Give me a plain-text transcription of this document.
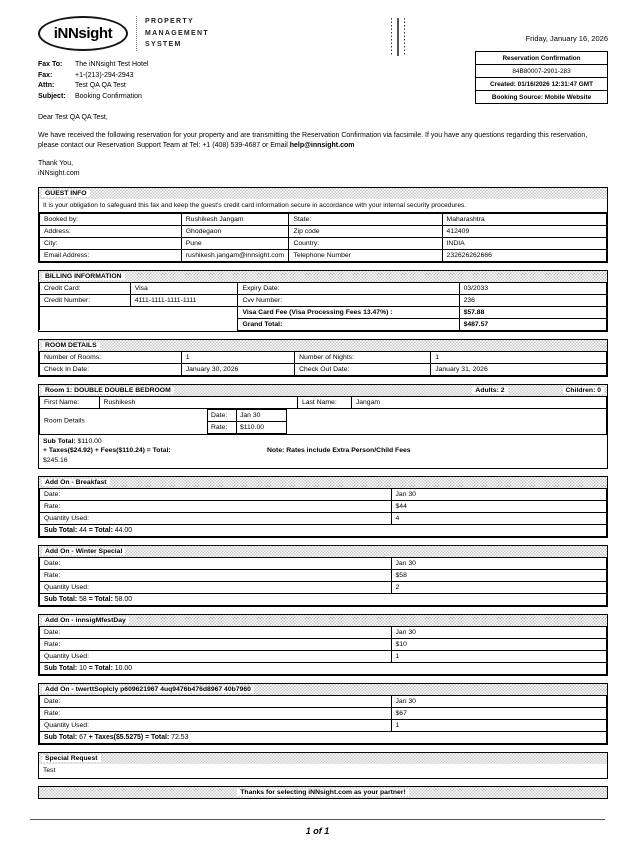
iNNsight
PROPERTY
MANAGEMENT
SYSTEM
Fax To:	The iNNsight Test Hotel
Fax:	+1-(213)-294-2943
Attn:	Test QA QA Test
Subject:	Booking Confirmation
Friday, January 16, 2026
Reservation Confirmation
84B80007-2901-283
Created: 01/16/2026 12:31:47 GMT
Booking Source: Mobile Website

Dear Test QA QA Test,

We have received the following reservation for your property and are transmitting the Reservation Confirmation via facsimile. If you have any questions regarding this reservation, please contact our Reservation Support Team at Tel: +1 (408) 539-4687 or Email help@innsight.com

Thank You,
iNNsight.com

GUEST INFO
It is your obligation to safeguard this fax and keep the guest's credit card information secure in accordance with your internal security procedures.
Booked by:	Rushikesh Jangam	State:	Maharashtra
Address:	Ghodegaon	Zip code	412409
City:	Pune	Country:	INDIA
Email Address:	rushikesh.jangam@innsight.com	Telephone Number	232626262666
BILLING INFORMATION
Credit Card:	Visa	Expiry Date:	03/2033
Credit Number:	4111-1111-1111-1111	Cvv Number:	236
		Visa Card Fee (Visa Processing Fees 13.47%) :	$57.88
		Grand Total:	$487.57
ROOM DETAILS
Number of Rooms:	1	Number of Nights:	1
Check In Date:	January 30, 2026	Check Out Date:	January 31, 2026
Room 1: DOUBLE DOUBLE BEDROOM	Adults: 2	Children: 0
First Name:	Rushikesh	Last Name:	Jangam

Room Details
Date:	Jan 30
Rate:	$110.00
Sub Total: $110.00
+ Taxes($24.92) + Fees($110.24) = Total:	Note: Rates include Extra Person/Child Fees
$245.16
Add On - Breakfast
Date:	Jan 30
Rate:	$44
Quantity Used:	4
Sub Total: 44 = Total: 44.00	
Add On - Winter Special
Date:	Jan 30
Rate:	$58
Quantity Used:	2
Sub Total: 58 = Total: 58.00	
Add On - innsigMfestDay
Date:	Jan 30
Rate:	$10
Quantity Used:	1
Sub Total: 10 = Total: 10.00	
Add On - twerttSoplcly p609621967 4uq9476b476d8967 40b7960
Date:	Jan 30
Rate:	$67
Quantity Used:	1
Sub Total: 67 + Taxes($5.5275) = Total: 72.53	
Special Request
Test
Thanks for selecting iNNsight.com as your partner!
1 of 1
